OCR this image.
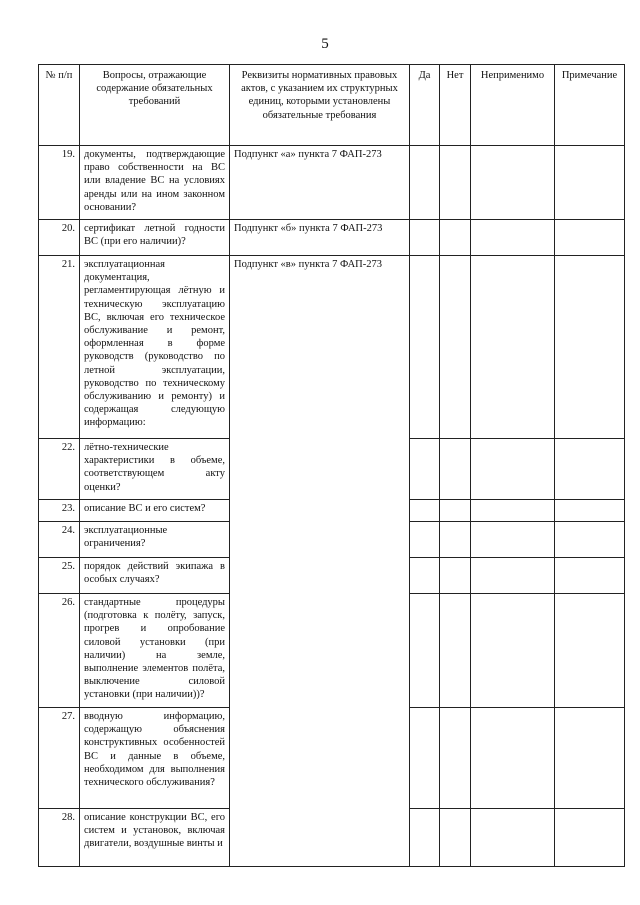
5
№ п/п	Вопросы, отражающие содержание обязательных требований	Реквизиты нормативных правовых актов, с указанием их структурных единиц, которыми установлены обязательные требования	Да	Нет	Неприменимо	Примечание
19.	документы, подтверждающие право собственности на ВС или владение ВС на условиях аренды или на ином законном основании?	Подпункт «а» пункта 7 ФАП-273				
20.	сертификат летной годности ВС (при его наличии)?	Подпункт «б» пункта 7 ФАП-273				
21.	эксплуатационная документация, регламентирующая лётную и техническую эксплуатацию ВС, включая его техническое обслуживание и ремонт, оформленная в форме руководств (руководство по летной эксплуатации, руководство по техническому обслуживанию и ремонту) и содержащая следующую информацию:	Подпункт «в» пункта 7 ФАП-273				
22.	лётно-технические характеристики в объеме, соответствующем акту оценки?					
23.	описание ВС и его систем?					
24.	эксплуатационные ограничения?					
25.	порядок действий экипажа в особых случаях?					
26.	стандартные процедуры (подготовка к полёту, запуск, прогрев и опробование силовой установки (при наличии) на земле, выполнение элементов полёта, выключение силовой установки (при наличии))?					
27.	вводную информацию, содержащую объяснения конструктивных особенностей ВС и данные в объеме, необходимом для выполнения технического обслуживания?					
28.	описание конструкции ВС, его систем и установок, включая двигатели, воздушные винты и					
